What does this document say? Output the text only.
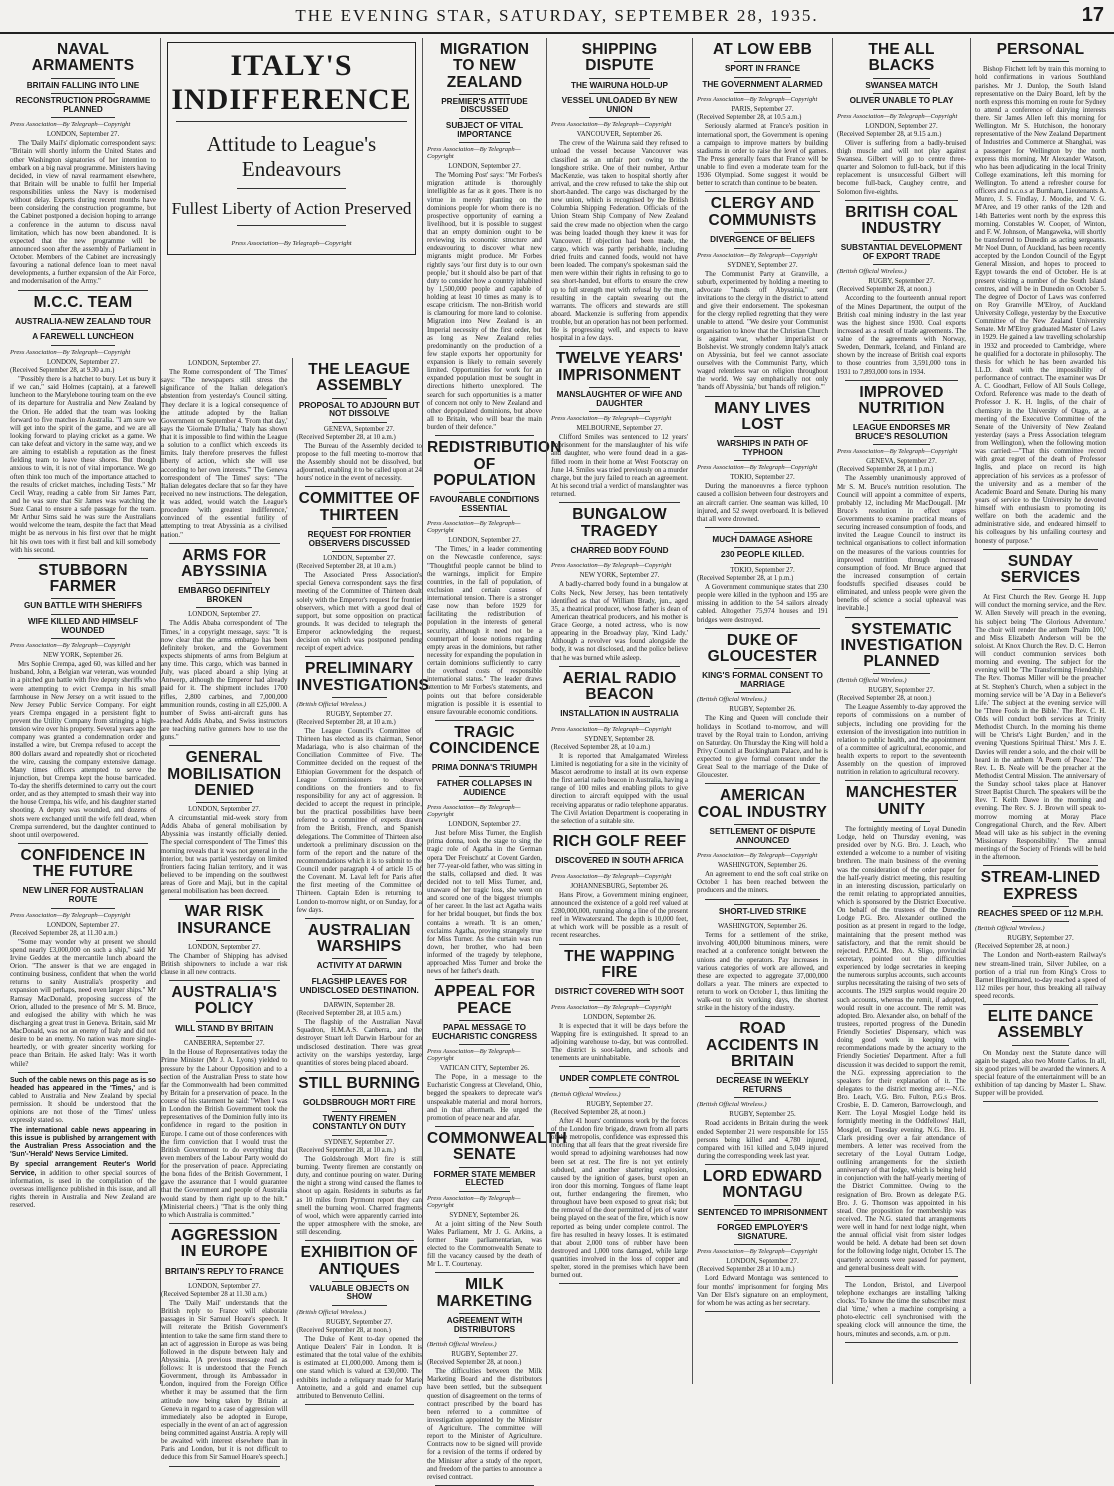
THE EVENING STAR, SATURDAY, SEPTEMBER 28, 1935.	17
NAVAL ARMAMENTS
BRITAIN FALLING INTO LINE
RECONSTRUCTION PROGRAMME PLANNED
Press Association—By Telegraph—Copyright
LONDON, September 27.

The 'Daily Mail's' diplomatic correspondent says: "Britain will shortly inform the United States and other Washington signatories of her intention to embark on a big naval programme. Ministers having decided, in view of naval rearmament elsewhere, that Britain will be unable to fulfil her Imperial responsibilities unless the Navy is modernised without delay. Experts during recent months have been considering the construction programme, but the Cabinet postponed a decision hoping to arrange a conference in the autumn to discuss naval limitation, which has now been abandoned. It is expected that the new programme will be announced soon after the assembly of Parliament in October. Members of the Cabinet are increasingly favouring a national defence loan to meet naval developments, a further expansion of the Air Force, and modernisation of the Army."

M.C.C. TEAM
AUSTRALIA-NEW ZEALAND TOUR
A FAREWELL LUNCHEON
Press Association—By Telegraph—Copyright
LONDON, September 27.
(Received September 28, at 9.30 a.m.)

"Possibly there is a hatchet to bury. Let us bury it if we can," said Holmes (captain), at a farewell luncheon to the Marylebone touring team on the eve of its departure for Australia and New Zealand by the Orion. He added that the team was looking forward to five matches in Australia. "I am sure we will get into the spirit of the game, and we are all looking forward to playing cricket as a game. We can take defeat and victory in the same way, and we are aiming to establish a reputation as the finest fielding team to leave these shores. But though anxious to win, it is not of vital importance. We go often think too much of the importance attached to the results of cricket matches, including Tests." Mr Cecil Wray, reading a cable from Sir James Parr, and he was sure that Sir James was watching the Suez Canal to ensure a safe passage for the team. Mr Arthur Sims said he was sure the Australians would welcome the team, despite the fact that Mead might be as nervous in his first over that he might hit his own toes with it first ball and kill somebody with his second.

STUBBORN FARMER
GUN BATTLE WITH SHERIFFS
WIFE KILLED AND HIMSELF WOUNDED
Press Association—By Telegraph—Copyright
NEW YORK, September 26.

Mrs Sophie Crempa, aged 60, was killed and her husband, John, a Belgian war veteran, was wounded in a pitched gun battle with five deputy sheriffs who were attempting to evict Crempa in his small farmhouse in New Jersey on a writ issued to the New Jersey Public Service Company. For eight years Crempa engaged in a persistent fight to prevent the Utility Company from stringing a high-tension wire over his property. Several years ago the company was granted a condemnation order and installed a wire, but Crempa refused to accept the 800 dollars award and repeatedly shot or ricocheted the wire, causing the company extensive damage. Many times officers attempted to serve the injunction, but Crempa kept the house barricaded. To-day the sheriffs determined to carry out the court order, and as they attempted to smash their way into the house Crempa, his wife, and his daughter started shooting. A deputy was wounded, and dozens of shots were exchanged until the wife fell dead, when Crempa surrendered, but the daughter continued to shoot until overpowered.

CONFIDENCE IN THE FUTURE
NEW LINER FOR AUSTRALIAN ROUTE
Press Association—By Telegraph—Copyright
LONDON, September 27.
(Received September 28, at 11.30 a.m.)

"Some may wonder why at present we should spend nearly £3,000,000 on such a ship," said Mr Irvine Geddes at the mercantile lunch aboard the Orion. "The answer is that we are engaged in continuing business, confident that when the world returns to sanity Australia's prosperity and expansion will perhaps, need even larger ships." Mr Ramsay MacDonald, proposing success of the Orion, alluded to the presence of Mr S. M. Bruce, and eulogised the ability with which he was discharging a great trust in Geneva. Britain, said Mr MacDonald, was not an enemy of Italy and did not desire to be an enemy. No nation was more single-heartedly, or with greater sincerity working for peace than Britain. He asked Italy: Was it worth while?

Such of the cable news on this page as is so headed has appeared in the 'Times,' and is cabled to Australia and New Zealand by special permission. It should be understood that the opinions are not those of the 'Times' unless expressly stated so.
The international cable news appearing in this issue is published by arrangement with the Australian Press Association and the 'Sun'-'Herald' News Service Limited.
By special arrangement Reuter's World Service, in addition to other special sources of information, is used in the compilation of the overseas intelligence published in this issue, and all rights therein in Australia and New Zealand are reserved.
ITALY'S INDIFFERENCE
Attitude to League's Endeavours
Fullest Liberty of Action Preserved
Press Association—By Telegraph—Copyright
LONDON, September 27.

The Rome correspondent of 'The Times' says: "The newspapers still stress the significance of the Italian delegation's abstention from yesterday's Council sitting. They declare it is a logical consequence of the attitude adopted by the Italian Government on September 4. 'From that day,' says the 'Giornale D'Italia,' 'Italy has shown that it is impossible to find within the League a solution to a conflict which exceeds its limits. Italy therefore preserves the fullest liberty of action, which she will use according to her own interests.'" The Geneva correspondent of 'The Times' says: "The Italian delegates declare that so far they have received no new instructions. The delegation, it was added, would watch the League's procedure 'with greatest indifference,' convinced of the essential futility of attempting to treat Abyssinia as a civilised nation."

ARMS FOR ABYSSINIA
EMBARGO DEFINITELY BROKEN
LONDON, September 27.

The Addis Ababa correspondent of 'The Times,' in a copyright message, says: "It is now clear that the arms embargo has been definitely broken, and the Government expects shipments of arms from Belgium at any time. This cargo, which was banned in July, was placed aboard a ship lying at Antwerp, although the Emperor had already paid for it. The shipment includes 1700 rifles, 2,800 carbines, and 7,000,000 ammunition rounds, costing in all £25,000. A number of Swiss anti-aircraft guns has reached Addis Ababa, and Swiss instructors are teaching native gunners how to use the guns."

GENERAL MOBILISATION DENIED
LONDON, September 27.

A circumstantial mid-week story from Addis Ababa of general mobilisation by Abyssinia was instantly officially denied. The special correspondent of 'The Times' this morning reveals that it was not general in the interior, but was partial yesterday on limited frontiers facing Italian territory, and it was believed to be impending on the southwest areas of Gore and Maji, but in the capital general mobilisation has been decreed.

WAR RISK INSURANCE
LONDON, September 27.

The Chamber of Shipping has advised British shipowners to include a war risk clause in all new contracts.

AUSTRALIA'S POLICY
WILL STAND BY BRITAIN
CANBERRA, September 27.

In the House of Representatives today the Prime Minister (Mr J. A. Lyons) yielded to pressure by the Labour Opposition and to a section of the Australian Press to state how far the Commonwealth had been committed by Britain for a preservation of peace. In the course of his statement he said: "When I was in London the British Government took the representatives of the Dominion fully into its confidence in regard to the position in Europe. I came out of those conferences with the firm conviction that I would trust the British Government to do everything that even members of the Labour Party would do for the preservation of peace. Appreciating the bona fides of the British Government, I gave the assurance that I would guarantee that the Government and people of Australia would stand by them right up to the hilt." (Ministerial cheers.) "That is the only thing to which Australia is committed."

AGGRESSION IN EUROPE
BRITAIN'S REPLY TO FRANCE
LONDON, September 27.
(Received September 28 at 11.30 a.m.)

The 'Daily Mail' understands that the British reply to France will elaborate passages in Sir Samuel Hoare's speech. It will reiterate the British Government's intention to take the same firm stand there to an act of aggression in Europe as was being followed in the dispute between Italy and Abyssinia. [A previous message read as follows: It is understood that the French Government, through its Ambassador in London, inquired from the Foreign Office whether it may be assumed that the firm attitude now being taken by Britain at Geneva in regard to a case of aggression will immediately also be adopted in Europe, especially in the event of an act of aggression being committed against Austria. A reply will be awaited with interest elsewhere than in Paris and London, but it is not difficult to deduce this from Sir Samuel Hoare's speech.]

THE LEAGUE ASSEMBLY
PROPOSAL TO ADJOURN BUT NOT DISSOLVE
GENEVA, September 27.
(Received September 28, at 10 a.m.)

The Bureau of the Assembly decided to propose to the full meeting to-morrow that the Assembly should not be dissolved, but adjourned, enabling it to be called upon at 24 hours' notice in the event of necessity.

COMMITTEE OF THIRTEEN
REQUEST FOR FRONTIER OBSERVERS DISCUSSED
LONDON, September 27.
(Received September 28, at 10 a.m.)

The Associated Press Association's special Geneva correspondent says the first meeting of the Committee of Thirteen dealt solely with the Emperor's request for frontier observers, which met with a good deal of support, but some opposition on practical grounds. It was decided to telegraph the Emperor acknowledging the request, decision on which was postponed pending receipt of expert advice.

PRELIMINARY INVESTIGATIONS
(British Official Wireless.)
RUGBY, September 27.
(Received September 28, at 10 a.m.)

The League Council's Committee of Thirteen has elected as its chairman, Senor Madariaga, who is also chairman of the Conciliation Committee of Five. The Committee decided on the request of the Ethiopian Government for the despatch of League Commissioners to observe conditions on the frontiers and to fix responsibility for any act of aggression. It decided to accept the request in principle, but the practical possibilities have been referred to a committee of experts drawn from the British, French, and Spanish delegations. The Committee of Thirteen also undertook a preliminary discussion on the form of the report and the nature of the recommendations which it is to submit to the Council under paragraph 4 of article 15 of the Covenant. M. Laval left for Paris after the first meeting of the Committee of Thirteen. Captain Eden is returning to London to-morrow night, or on Sunday, for a few days.

AUSTRALIAN WARSHIPS
ACTIVITY AT DARWIN
FLAGSHIP LEAVES FOR UNDISCLOSED DESTINATION.
DARWIN, September 28.
(Received September 28, at 10.5 a.m.)

The flagship of the Australian Naval Squadron, H.M.A.S. Canberra, and the destroyer Stuart left Darwin Harbour for an undisclosed destination. There was great activity on the warships yesterday, large quantities of stores being placed aboard.

STILL BURNING
GOLDSBROUGH MORT FIRE
TWENTY FIREMEN CONSTANTLY ON DUTY
SYDNEY, September 27.
(Received September 28, at 10 a.m.)

The Goldsbrough Mort fire is still burning. Twenty firemen are constantly on duty, and continue pouring on water. During the night a strong wind caused the flames to shoot up again. Residents in suburbs as far as 10 miles from Pyrmont report they can smell the burning wool. Charred fragments of wool, which were apparently carried into the upper atmosphere with the smoke, are still descending.

EXHIBITION OF ANTIQUES
VALUABLE OBJECTS ON SHOW
(British Official Wireless.)
RUGBY, September 27.
(Received September 28, at noon.)

The Duke of Kent to-day opened the Antique Dealers' Fair in London. It is estimated that the total value of the exhibits is estimated at £1,000,000. Among them is one stand which is valued at £30,000. The exhibits include a reliquary made for Marie Antoinette, and a gold and enamel cup attributed to Benvenuto Cellini.

MIGRATION TO NEW ZEALAND
PREMIER'S ATTITUDE DISCUSSED
SUBJECT OF VITAL IMPORTANCE
Press Association—By Telegraph—Copyright
LONDON, September 27.

The 'Morning Post' says: "Mr Forbes's migration attitude is thoroughly intelligible as far as it goes. There is no virtue in merely planting on the dominions people for whom there is no prospective opportunity of earning a livelihood, but it is possible to suggest that an empty dominion ought to be reviewing its economic structure and endeavouring to discover what new migrants might produce. Mr Forbes rightly says 'our first duty is to our own people,' but it should also be part of that duty to consider how a country inhabited by 1,500,000 people and capable of holding at least 10 times as many is to escape criticism. The non-British world is clamouring for more land to colonise. Migration into New Zealand is an Imperial necessity of the first order, but as long as New Zealand relies predominantly on the production of a few staple exports her opportunity for expansion is likely to remain severely limited. Opportunities for work for an expanded population must be sought in directions hitherto unexplored. The search for such opportunities is a matter of concern not only to New Zealand and other depopulated dominions, but above all to Britain, who will bear the main burden of their defence."

REDISTRIBUTION OF POPULATION
FAVOURABLE CONDITIONS ESSENTIAL
Press Association—By Telegraph—Copyright
LONDON, September 27.

'The Times,' in a leader commenting on the Newcastle conference, says: "Thoughtful people cannot be blind to the warnings, implicit for Empire countries, in the fall of population, of exclusion and certain causes of international tension. There is a stronger case now than before 1929 for facilitating the redistribution of population in the interests of general security, although it need not be a counterpart of loose notions regarding empty areas in the dominions, but rather necessity for expanding the population in certain dominions sufficiently to carry the overhead costs of responsible international status." The leader draws attention to Mr Forbes's statements, and points out that before considerable migration is possible it is essential to ensure favourable economic conditions.

TRAGIC COINCIDENCE
PRIMA DONNA'S TRIUMPH
FATHER COLLAPSES IN AUDIENCE
Press Association—By Telegraph—Copyright
LONDON, September 27.

Just before Miss Turner, the English prima donna, took the stage to sing the tragic role of Agatha in the German opera 'Der Freischutz' at Covent Garden, her 77-year-old father, who was sitting in the stalls, collapsed and died. It was decided not to tell Miss Turner, and, unaware of her tragic loss, she went on and scored one of the biggest triumphs of her career. In the last act Agatha waits for her bridal bouquet, but finds the box contains a wreath. 'It is an omen,' exclaims Agatha, proving strangely true for Miss Turner. As the curtain was run down, her brother, who had been informed of the tragedy by telephone, approached Miss Turner and broke the news of her father's death.

APPEAL FOR PEACE
PAPAL MESSAGE TO EUCHARISTIC CONGRESS
Press Association—By Telegraph—Copyright
VATICAN CITY, September 26.

The Pope, in a message to the Eucharistic Congress at Cleveland, Ohio, begged the speakers to deprecate war's unspeakable material and moral horrors, and in that aftermath. He urged the promotion of peace near and afar.

COMMONWEALTH SENATE
FORMER STATE MEMBER ELECTED
Press Association—By Telegraph—Copyright
SYDNEY, September 26.

At a joint sitting of the New South Wales Parliament, Mr J. G. Arkins, a former State parliamentarian, was elected to the Commonwealth Senate to fill the vacancy caused by the death of Mr L. T. Courtenay.

MILK MARKETING
AGREEMENT WITH DISTRIBUTORS
(British Official Wireless.)
RUGBY, September 27.
(Received September 28, at noon.)

The difficulties between the Milk Marketing Board and the distributors have been settled, but the subsequent question of disagreement on the terms of contract prescribed by the board has been referred to a committee of investigation appointed by the Minister of Agriculture. The committee will report to the Minister of Agriculture. Contracts now to be signed will provide for a revision of the terms if ordered by the Minister after a study of the report, and freedom of the parties to announce a revised contract.

SHIPPING DISPUTE
THE WAIRUNA HOLD-UP
VESSEL UNLOADED BY NEW UNION
Press Association—By Telegraph—Copyright
VANCOUVER, September 26.

The crew of the Wairuna said they refused to unload the vessel because Vancouver was classified as an unfair port owing to the longshore strike. One of their number, Arthur MacKenzie, was taken to hospital shortly after arrival, and the crew refused to take the ship out short-handed. The cargo was discharged by the new union, which is recognised by the British Columbia Shipping Federation. Officials of the Union Steam Ship Company of New Zealand said the crew made no objection when the cargo was being loaded though they knew it was for Vancouver. If objection had been made, the cargo, which was partly perishable, including dried fruits and canned foods, would not have been loaded. The company's spokesman said the men were within their rights in refusing to go to sea short-handed, but efforts to ensure the crew up to full strength met with refusal by the men, resulting in the captain swearing out the warrants. The officers and stewards are still aboard. Mackenzie is suffering from appendix trouble, but an operation has not been performed. He is progressing well, and expects to leave hospital in a few days.

TWELVE YEARS' IMPRISONMENT
MANSLAUGHTER OF WIFE AND DAUGHTER
Press Association—By Telegraph—Copyright
MELBOURNE, September 27.

Clifford Smiles was sentenced to 12 years' imprisonment for the manslaughter of his wife and daughter, who were found dead in a gas-filled room in their home at West Footscray on June 14. Smiles was tried previously on a murder charge, but the jury failed to reach an agreement. At his second trial a verdict of manslaughter was returned.

BUNGALOW TRAGEDY
CHARRED BODY FOUND
Press Association—By Telegraph—Copyright
NEW YORK, September 27.

A badly-charred body found in a bungalow at Colts Neck, New Jersey, has been tentatively identified as that of William Brady, jun., aged 35, a theatrical producer, whose father is dean of American theatrical producers, and his mother is Grace George, a noted actress, who is now appearing in the Broadway play, 'Kind Lady.' Although a revolver was found alongside the body, it was not disclosed, and the police believe that he was burned while asleep.

AERIAL RADIO BEACON
INSTALLATION IN AUSTRALIA
Press Association—By Telegraph—Copyright
SYDNEY, September 28.
(Received September 28, at 10 a.m.)

It is reported that Amalgamated Wireless Limited is negotiating for a site in the vicinity of Mascot aerodrome to install at its own expense the first aerial radio beacon in Australia, having a range of 100 miles and enabling pilots to give direction to aircraft equipped with the usual receiving apparatus or radio telephone apparatus. The Civil Aviation Department is cooperating in the selection of a suitable site.

RICH GOLF REEF
DISCOVERED IN SOUTH AFRICA
Press Association—By Telegraph—Copyright
JOHANNESBURG, September 26.

Hans Pirow, a Government mining engineer, announced the existence of a gold reef valued at £280,000,000, running along a line of the present reef in Witwatersrand. The depth is 10,000 feet, at which work will be possible as a result of recent researches.

THE WAPPING FIRE
DISTRICT COVERED WITH SOOT
Press Association—By Telegraph—Copyright
LONDON, September 26.

It is expected that it will be days before the Wapping fire is extinguished. It spread to an adjoining warehouse to-day, but was controlled. The district is soot-laden, and schools and tenements are uninhabitable.

UNDER COMPLETE CONTROL
(British Official Wireless.)
RUGBY, September 27.
(Received September 28, at noon.)

After 41 hours' continuous work by the forces of the London fire brigade, drawn from all parts of the metropolis, confidence was expressed this morning that all fears that the great riverside fire would spread to adjoining warehouses had now been set at rest. The fire is not yet entirely subdued, and another shattering explosion, caused by the ignition of gases, burst open an iron door this morning. Tongues of flame leapt out, further endangering the firemen, who throughout have been exposed to great risk; but the removal of the door permitted of jets of water being played on the seat of the fire, which is now reported as being under complete control. The fire has resulted in heavy losses. It is estimated that about 2,000 tons of rubber have been destroyed and 1,000 tons damaged, while large quantities involved in the loss of copper and spelter, stored in the premises which have been burned out.

AT LOW EBB
SPORT IN FRANCE
THE GOVERNMENT ALARMED
Press Association—By Telegraph—Copyright
PARIS, September 27.
(Received September 28, at 10.5 a.m.)

Seriously alarmed at France's position in international sport, the Government is opening a campaign to improve matters by building stadiums in order to raise the level of games. The Press generally fears that France will be unable to find even a moderate team for the 1936 Olympiad. Some suggest it would be better to scratch than continue to be beaten.

CLERGY AND COMMUNISTS
DIVERGENCE OF BELIEFS
Press Association—By Telegraph—Copyright
SYDNEY, September 27.

The Communist Party at Granville, a suburb, experimented by holding a meeting to advocate "hands off Abyssinia," sent invitations to the clergy in the district to attend and give their endorsement. The spokesman for the clergy replied regretting that they were unable to attend. "We desire your Communist organisation to know that the Christian Church is against war, whether imperialist or Bolshevist. We strongly condemn Italy's attack on Abyssinia, but feel we cannot associate ourselves with the Communist Party, which waged relentless war on religion throughout the world. We say emphatically not only 'hands off Abyssinia,' but 'hands off religion.'"

MANY LIVES LOST
WARSHIPS IN PATH OF TYPHOON
Press Association—By Telegraph—Copyright
TOKIO, September 27.

During the manoeuvres a fierce typhoon caused a collision between four destroyers and an aircraft carrier. One seaman was killed, 10 injured, and 52 swept overboard. It is believed that all were drowned.

MUCH DAMAGE ASHORE
230 PEOPLE KILLED.
TOKIO, September 27.
(Received September 28, at 1 p.m.)

A Government communique states that 230 people were killed in the typhoon and 195 are missing in addition to the 54 sailors already cabled. Altogether 75,974 houses and 191 bridges were destroyed.

DUKE OF GLOUCESTER
KING'S FORMAL CONSENT TO MARRIAGE
(British Official Wireless.)
RUGBY, September 26.

The King and Queen will conclude their holidays in Scotland to-morrow, and will travel by the Royal train to London, arriving on Saturday. On Thursday the King will hold a Privy Council at Buckingham Palace, and he is expected to give formal consent under the Great Seal to the marriage of the Duke of Gloucester.

AMERICAN COAL INDUSTRY
SETTLEMENT OF DISPUTE ANNOUNCED
Press Association—By Telegraph—Copyright
WASHINGTON, September 26.

An agreement to end the soft coal strike on October 1 has been reached between the producers and the miners.

SHORT-LIVED STRIKE
WASHINGTON, September 26.

Terms for a settlement of the strike, involving 400,000 bituminous miners, were reached at a conference tonight between the unions and the operators. Pay increases in various categories of work are allowed, and these are expected to aggregate 37,000,000 dollars a year. The miners are expected to return to work on October 1, thus limiting the walk-out to six working days, the shortest strike in the history of the industry.

ROAD ACCIDENTS IN BRITAIN
DECREASE IN WEEKLY RETURNS
(British Official Wireless.)
RUGBY, September 25.

Road accidents in Britain during the week ended September 21 were responsible for 155 persons being killed and 4,780 injured, compared with 161 killed and 5,049 injured during the corresponding week last year.

LORD EDWARD MONTAGU
SENTENCED TO IMPRISONMENT
FORGED EMPLOYER'S SIGNATURE.
Press Association—By Telegraph—Copyright
LONDON, September 27.
(Received September 28 at 10 a.m.)

Lord Edward Montagu was sentenced to four months' imprisonment for forging Mrs Van Der Elst's signature on an employment, for whom he was acting as her secretary.

THE ALL BLACKS
SWANSEA MATCH
OLIVER UNABLE TO PLAY
Press Association—By Telegraph—Copyright
LONDON, September 27.
(Received September 28, at 9.15 a.m.)

Oliver is suffering from a badly-bruised thigh muscle and will not play against Swansea. Gilbert will go to centre three-quarter and Solomon to full-back, but if this replacement is unsuccessful Gilbert will become full-back, Caughey centre, and Solomon five-eighths.

BRITISH COAL INDUSTRY
SUBSTANTIAL DEVELOPMENT OF EXPORT TRADE
(British Official Wireless.)
RUGBY, September 27.
(Received September 28, at noon.)

According to the fourteenth annual report of the Mines Department, the output of the British coal mining industry in the last year was the highest since 1930. Coal exports increased as a result of trade agreements. The value of the agreements with Norway, Sweden, Denmark, Iceland, and Finland are shown by the increase of British coal exports to those countries from 3,591,000 tons in 1931 to 7,893,000 tons in 1934.

IMPROVED NUTRITION
LEAGUE ENDORSES MR BRUCE'S RESOLUTION
Press Association—By Telegraph—Copyright
GENEVA, September 27.
(Received September 28, at 1 p.m.)

The Assembly unanimously approved of Mr S. M. Bruce's nutrition resolution. The Council will appoint a committee of experts, probably 12, including Mr MacDougall. [Mr Bruce's resolution in effect urges Governments to examine practical means of securing increased consumption of foods, and invited the League Council to instruct its technical organisations to collect information on the measures of the various countries for improved nutrition through increased consumption of food. Mr Bruce argued that the increased consumption of certain foodstuffs specified diseases could be eliminated, and unless people were given the benefits of science a social upheaval was inevitable.]

SYSTEMATIC INVESTIGATION PLANNED
(British Official Wireless.)
RUGBY, September 27.
(Received September 28, at noon.)

The League Assembly to-day approved the reports of commissions on a number of subjects, including one providing for the extension of the investigation into nutrition in relation to public health, and the appointment of a committee of agricultural, economic, and health experts to report to the seventeenth Assembly on the question of improved nutrition in relation to agricultural recovery.

MANCHESTER UNITY

The fortnightly meeting of Loyal Dunedin Lodge, held on Thursday evening, was presided over by N.G. Bro. J. Leach, who extended a welcome to a number of visiting brethren. The main business of the evening was the consideration of the order paper for the half-yearly district meeting, this resulting in an interesting discussion, particularly on the remit relating to appropriated annuities, which is sponsored by the District Executive. On behalf of the trustees of the Dunedin Lodge P.G. Bro. Alexander outlined the position as at present in regard to the lodge, maintaining that the present method was satisfactory, and that the remit should be rejected. P.P.G.M. Bro. A. Sligo, provincial secretary, pointed out the difficulties experienced by lodge secretaries in keeping the numerous surplus accounts, such accounts surplus necessitating the raising of two sets of accounts. The 1929 surplus would require 20 such accounts, whereas the remit, if adopted, would result in one account. The remit was adopted. Bro. Alexander also, on behalf of the trustees, reported progress of the Dunedin Friendly Societies' Dispensary, which was doing good work in keeping with recommendations made by the actuary to the Friendly Societies' Department. After a full discussion it was decided to support the remit, the N.G. expressing appreciation to the speakers for their explanation of it. The delegates to the district meeting are:—N.G. Bro. Leach, V.G. Bro. Fulton, P.G.s Bros. Crosbie, E. D. Cameron, Barrowclough, and Kerr. The Loyal Mosgiel Lodge held its fortnightly meeting in the Oddfellows' Hall, Mosgiel, on Tuesday evening. N.G. Bro. H. Clark presiding over a fair attendance of members. A letter was received from the secretary of the Loyal Outram Lodge, outlining arrangements for the sixtieth anniversary of that lodge, which is being held in conjunction with the half-yearly meeting of the District Committee. Owing to the resignation of Bro. Brown as delegate P.G. Bro. J. G. Thomson was appointed in his stead. One proposition for membership was received. The N.G. stated that arrangements were well in hand for next lodge night, when the annual official visit from sister lodges would be held. A debate had been set down for the following lodge night, October 15. The quarterly accounts were passed for payment, and general business dealt with.

The London, Bristol, and Liverpool telephone exchanges are installing 'talking clocks.' To know the time the subscriber must dial 'time,' when a machine comprising a photo-electric cell synchronised with the speaking clock will announce the time, the hours, minutes and seconds, a.m. or p.m.

PERSONAL

Bishop Fitchett left by train this morning to hold confirmations in various Southland parishes. Mr J. Dunlop, the South Island representative on the Dairy Board, left by the north express this morning en route for Sydney to attend a conference of dairying interests there. Sir James Allen left this morning for Wellington. Mr S. Hutchison, the honorary representative of the New Zealand Department of Industries and Commerce at Shanghai, was a passenger for Wellington by the north express this morning. Mr Alexander Watson, who has been adjudicating in the local Trinity College examinations, left this morning for Wellington. To attend a refresher course for officers and n.c.o.s at Burnham, Lieutenants A. Munro, J. S. Findlay, J. Moodie, and V. G. M'Aree, and 19 other ranks of the 12th and 14th Batteries went north by the express this morning. Constables W. Cooper, of Winton, and F. W. Johnson, of Mangaweka, will shortly be transferred to Dunedin as acting sergeants. Mr Noel Dunn, of Auckland, has been recently accepted by the London Council of the Egypt General Mission, and hopes to proceed to Egypt towards the end of October. He is at present visiting a number of the South Island centres, and will be in Dunedin on October 5. The degree of Doctor of Laws was conferred on Roy Granville M'Elroy, of Auckland University College, yesterday by the Executive Committee of the New Zealand University Senate. Mr M'Elroy graduated Master of Laws in 1929. He gained a law travelling scholarship in 1932 and proceeded to Cambridge, where he qualified for a doctorate in philosophy. The thesis for which he has been awarded his LL.D. dealt with the impossibility of performance of contract. The examiner was Dr A. C. Goodhart, Fellow of All Souls College, Oxford. Reference was made to the death of Professor J. K. H. Inglis, of the chair of chemistry in the University of Otago, at a meeting of the Executive Committee of the Senate of the University of New Zealand yesterday (says a Press Association telegram from Wellington), when the following motion was carried:—"That this committee record with great regret of the death of Professor Inglis, and place on record its high appreciation of his services as a professor of the university and as a member of the Academic Board and Senate. During his many years of service to the University he devoted himself with enthusiasm to promoting its welfare on both the academic and the administrative side, and endeared himself to his colleagues by his unfailing courtesy and honesty of purpose."

SUNDAY SERVICES

At First Church the Rev. George H. Jupp will conduct the morning service, and the Rev. W. Allen Stevely will preach in the evening, his subject being 'The Glorious Adventure.' The choir will render the anthem 'Psalm 100,' and Miss Elizabeth Anderson will be the soloist. At Knox Church the Rev. D. C. Herron will conduct communion services both morning and evening. The subject for the evening will be 'The Transforming Friendship.' The Rev. Thomas Miller will be the preacher at St. Stephen's Church, when a subject in the morning service will be 'A Day in a Believer's Life.' The subject at the evening service will be 'Three Fools in the Bible.' The Rev. C. H. Olds will conduct both services at Trinity Methodist Church. In the morning his theme will be 'Christ's Light Burden,' and in the evening 'Questions Spiritual Thirst.' Mrs J. E. Davies will render a solo, and the choir will be heard in the anthem 'A Poem of Peace.' The Rev. L. B. Neale will be the preacher at the Methodist Central Mission. The anniversary of the Sunday school takes place at Hanover Street Baptist Church. The speakers will be the Rev. T. Keith Dawe in the morning and evening. The Rev. S. J. Brown will speak to-morrow morning at Moray Place Congregational Church, and the Rev. Albert Mead will take as his subject in the evening 'Missionary Responsibility.' The annual meetings of the Society of Friends will be held in the afternoon.

STREAM-LINED EXPRESS
REACHES SPEED OF 112 M.P.H.
(British Official Wireless.)
RUGBY, September 27.
(Received September 28, at noon.)

The London and North-eastern Railway's new stream-lined train, Silver Jubilee, on a portion of a trial run from King's Cross to Barnet Illegitimated, to-day reached a speed of 112 miles per hour, thus breaking all railway speed records.

ELITE DANCE ASSEMBLY

On Monday next the Statute dance will again be staged, also two Monte Carlos. In all, six good prizes will be awarded the winners. A special feature of the entertainment will be an exhibition of tap dancing by Master L. Shaw. Supper will be provided.
